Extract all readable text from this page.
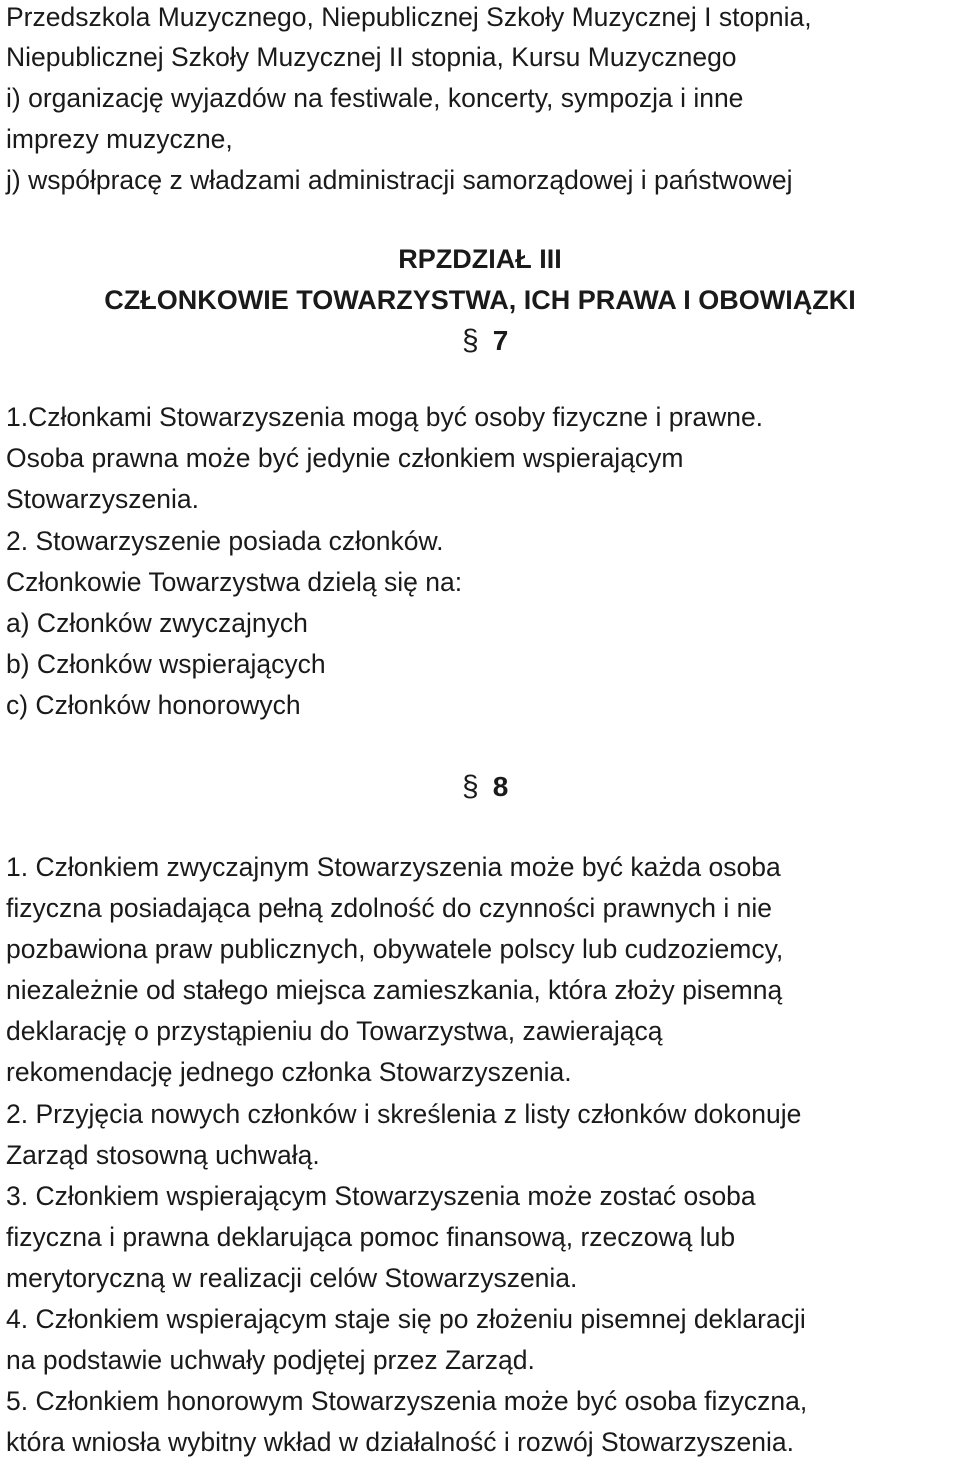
Przedszkola Muzycznego, Niepublicznej Szkoły Muzycznej I stopnia,
Niepublicznej Szkoły Muzycznej II stopnia, Kursu Muzycznego
i) organizację wyjazdów na festiwale, koncerty, sympozja i inne
imprezy muzyczne,
j) współpracę z władzami administracji samorządowej i państwowej
RPZDZIAŁ III
CZŁONKOWIE TOWARZYSTWA, ICH PRAWA I OBOWIĄZKI
§ 7
1.Członkami Stowarzyszenia mogą być osoby fizyczne i prawne.
Osoba prawna może być jedynie członkiem wspierającym
Stowarzyszenia.
2. Stowarzyszenie posiada członków.
Członkowie Towarzystwa dzielą się na:
a) Członków zwyczajnych
b) Członków wspierających
c) Członków honorowych
§ 8
1. Członkiem zwyczajnym Stowarzyszenia może być każda osoba
fizyczna posiadająca pełną zdolność do czynności prawnych i nie
pozbawiona praw publicznych, obywatele polscy lub cudzoziemcy,
niezależnie od stałego miejsca zamieszkania, która złoży pisemną
deklarację o przystąpieniu do Towarzystwa, zawierającą
rekomendację jednego członka Stowarzyszenia.
2. Przyjęcia nowych członków i skreślenia z listy członków dokonuje
Zarząd stosowną uchwałą.
3. Członkiem wspierającym Stowarzyszenia może zostać osoba
fizyczna i prawna deklarująca pomoc finansową, rzeczową lub
merytoryczną w realizacji celów Stowarzyszenia.
4. Członkiem wspierającym staje się po złożeniu pisemnej deklaracji
na podstawie uchwały podjętej przez Zarząd.
5. Członkiem honorowym Stowarzyszenia może być osoba fizyczna,
która wniosła wybitny wkład w działalność i rozwój Stowarzyszenia.
